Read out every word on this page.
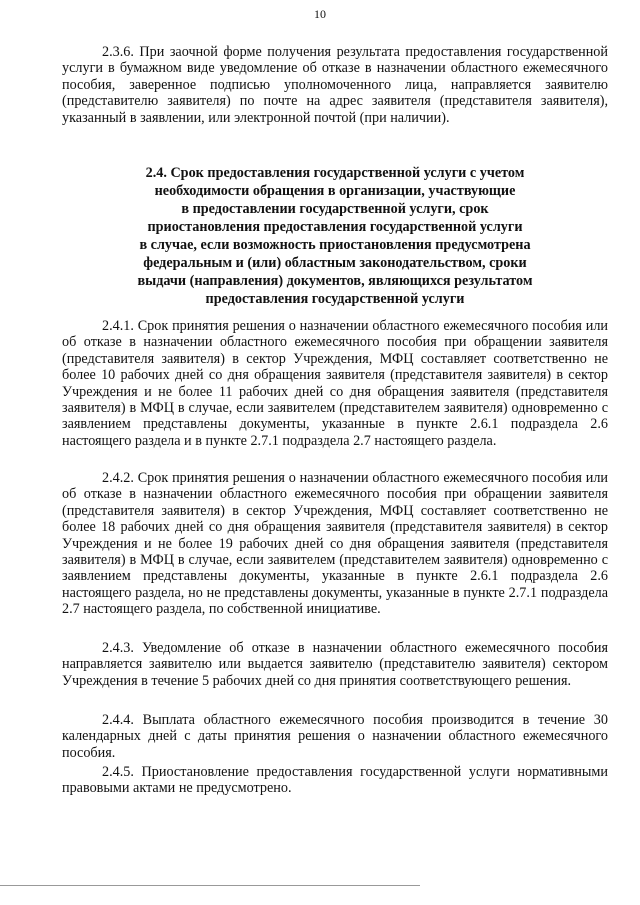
10

2.3.6. При заочной форме получения результата предоставления государственной услуги в бумажном виде уведомление об отказе в назначении областного ежемесячного пособия, заверенное подписью уполномоченного лица, направляется заявителю (представителю заявителя) по почте на адрес заявителя (представителя заявителя), указанный в заявлении, или электронной почтой (при наличии).

2.4. Срок предоставления государственной услуги с учетом
необходимости обращения в организации, участвующие
в предоставлении государственной услуги, срок
приостановления предоставления государственной услуги
в случае, если возможность приостановления предусмотрена
федеральным и (или) областным законодательством, сроки
выдачи (направления) документов, являющихся результатом
предоставления государственной услуги

2.4.1. Срок принятия решения о назначении областного ежемесячного пособия или об отказе в назначении областного ежемесячного пособия при обращении заявителя (представителя заявителя) в сектор Учреждения, МФЦ составляет соответственно не более 10 рабочих дней со дня обращения заявителя (представителя заявителя) в сектор Учреждения и не более 11 рабочих дней со дня обращения заявителя (представителя заявителя) в МФЦ в случае, если заявителем (представителем заявителя) одновременно с заявлением представлены документы, указанные в пункте 2.6.1 подраздела 2.6 настоящего раздела и в пункте 2.7.1 подраздела 2.7 настоящего раздела.

2.4.2. Срок принятия решения о назначении областного ежемесячного пособия или об отказе в назначении областного ежемесячного пособия при обращении заявителя (представителя заявителя) в сектор Учреждения, МФЦ составляет соответственно не более 18 рабочих дней со дня обращения заявителя (представителя заявителя) в сектор Учреждения и не более 19 рабочих дней со дня обращения заявителя (представителя заявителя) в МФЦ в случае, если заявителем (представителем заявителя) одновременно с заявлением представлены документы, указанные в пункте 2.6.1 подраздела 2.6 настоящего раздела, но не представлены документы, указанные в пункте 2.7.1 подраздела 2.7 настоящего раздела, по собственной инициативе.

2.4.3. Уведомление об отказе в назначении областного ежемесячного пособия направляется заявителю или выдается заявителю (представителю заявителя) сектором Учреждения в течение 5 рабочих дней со дня принятия соответствующего решения.

2.4.4. Выплата областного ежемесячного пособия производится в течение 30 календарных дней с даты принятия решения о назначении областного ежемесячного пособия.

2.4.5. Приостановление предоставления государственной услуги нормативными правовыми актами не предусмотрено.
